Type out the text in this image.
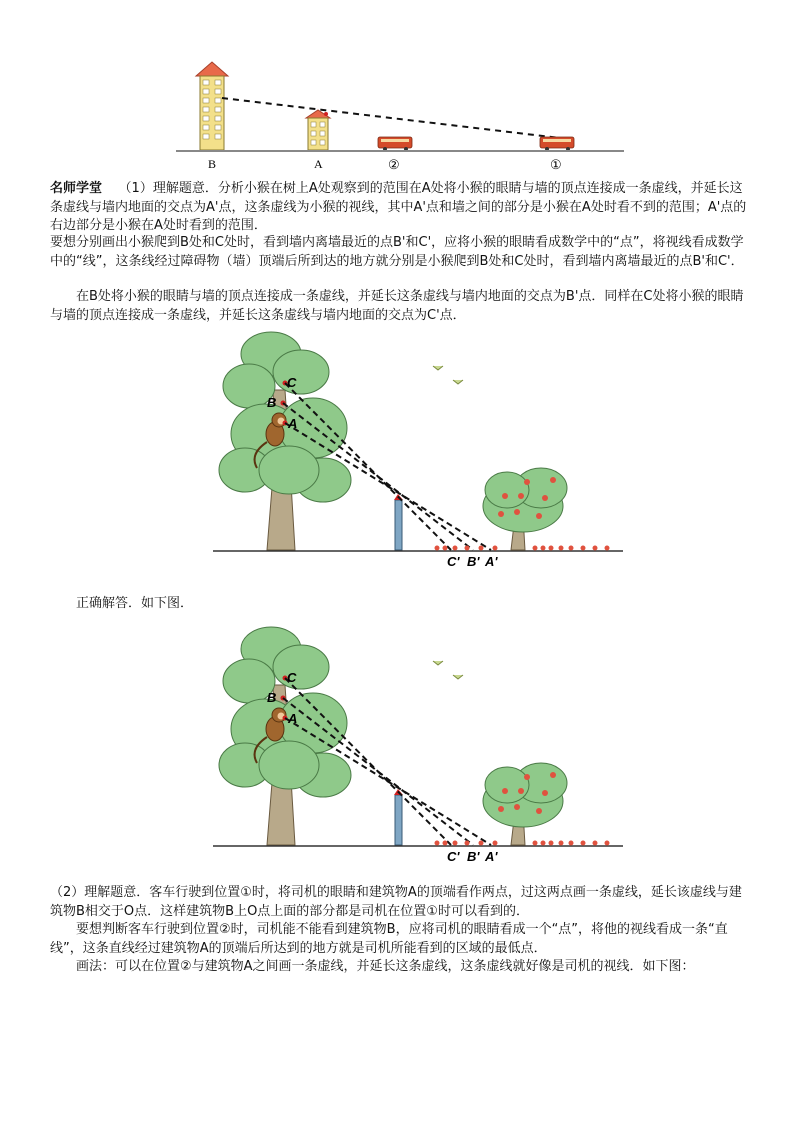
B	A	②	①

名师学堂 （1）理解题意．分析小猴在树上A处观察到的范围在A处将小猴的眼睛与墙的顶点连接成一条虚线，并延长这条虚线与墙内地面的交点为A'点，这条虚线为小猴的视线，其中A'点和墙之间的部分是小猴在A处时看不到的范围；A'点的右边部分是小猴在A处时看到的范围．

要想分别画出小猴爬到B处和C处时，看到墙内离墙最近的点B'和C'，应将小猴的眼睛看成数学中的“点”，将视线看成数学中的“线”，这条线经过障碍物（墙）顶端后所到达的地方就分别是小猴爬到B处和C处时，看到墙内离墙最近的点B'和C'．

在B处将小猴的眼睛与墙的顶点连接成一条虚线，并延长这条虚线与墙内地面的交点为B'点．同样在C处将小猴的眼睛与墙的顶点连接成一条虚线，并延长这条虚线与墙内地面的交点为C'点．

C
B
A
C' B' A'

正确解答．如下图．

C
B
A
C' B' A'

（2）理解题意．客车行驶到位置①时，将司机的眼睛和建筑物A的顶端看作两点，过这两点画一条虚线，延长该虚线与建筑物B相交于O点．这样建筑物B上O点上面的部分都是司机在位置①时可以看到的．

要想判断客车行驶到位置②时，司机能不能看到建筑物B，应将司机的眼睛看成一个“点”，将他的视线看成一条“直线”，这条直线经过建筑物A的顶端后所达到的地方就是司机所能看到的区域的最低点．

画法：可以在位置②与建筑物A之间画一条虚线，并延长这条虚线，这条虚线就好像是司机的视线．如下图：
